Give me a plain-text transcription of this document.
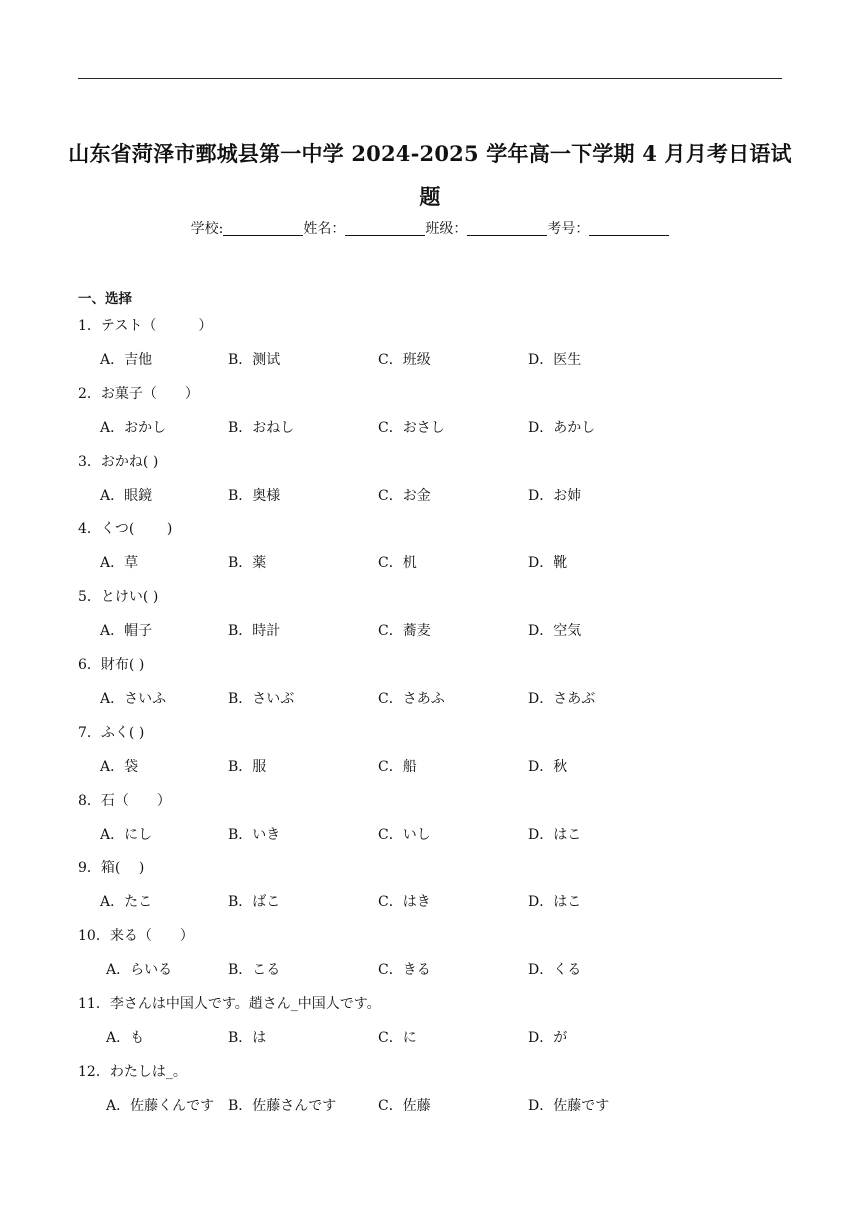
山东省菏泽市鄄城县第一中学 2024-2025 学年高一下学期 4 月月考日语试
题
学校:	姓名：	班级：	考号：
一、选择
1．テスト（　　　）
A．吉他	B．测试	C．班级	D．医生
2．お菓子（　　）
A．おかし	B．おねし	C．おさし	D．あかし
3．おかね( )
A．眼鏡	B．奥様	C．お金	D．お姉
4．くつ(　　 )
A．草	B．薬	C．机	D．靴
5．とけい( )
A．帽子	B．時計	C．蕎麦	D．空気
6．財布( )
A．さいふ	B．さいぶ	C．さあふ	D．さあぶ
7．ふく( )
A．袋	B．服	C．船	D．秋
8．石（　　）
A．にし	B．いき	C．いし	D．はこ
9．箱(　 )
A．たこ	B．ばこ	C．はき	D．はこ
10．来る（　　）
A．らいる	B．こる	C．きる	D．くる
11．李さんは中国人です。趙さん_中国人です。
A．も	B．は	C．に	D．が
12．わたしは_。
A．佐藤くんです B．佐藤さんです	C．佐藤	D．佐藤です
